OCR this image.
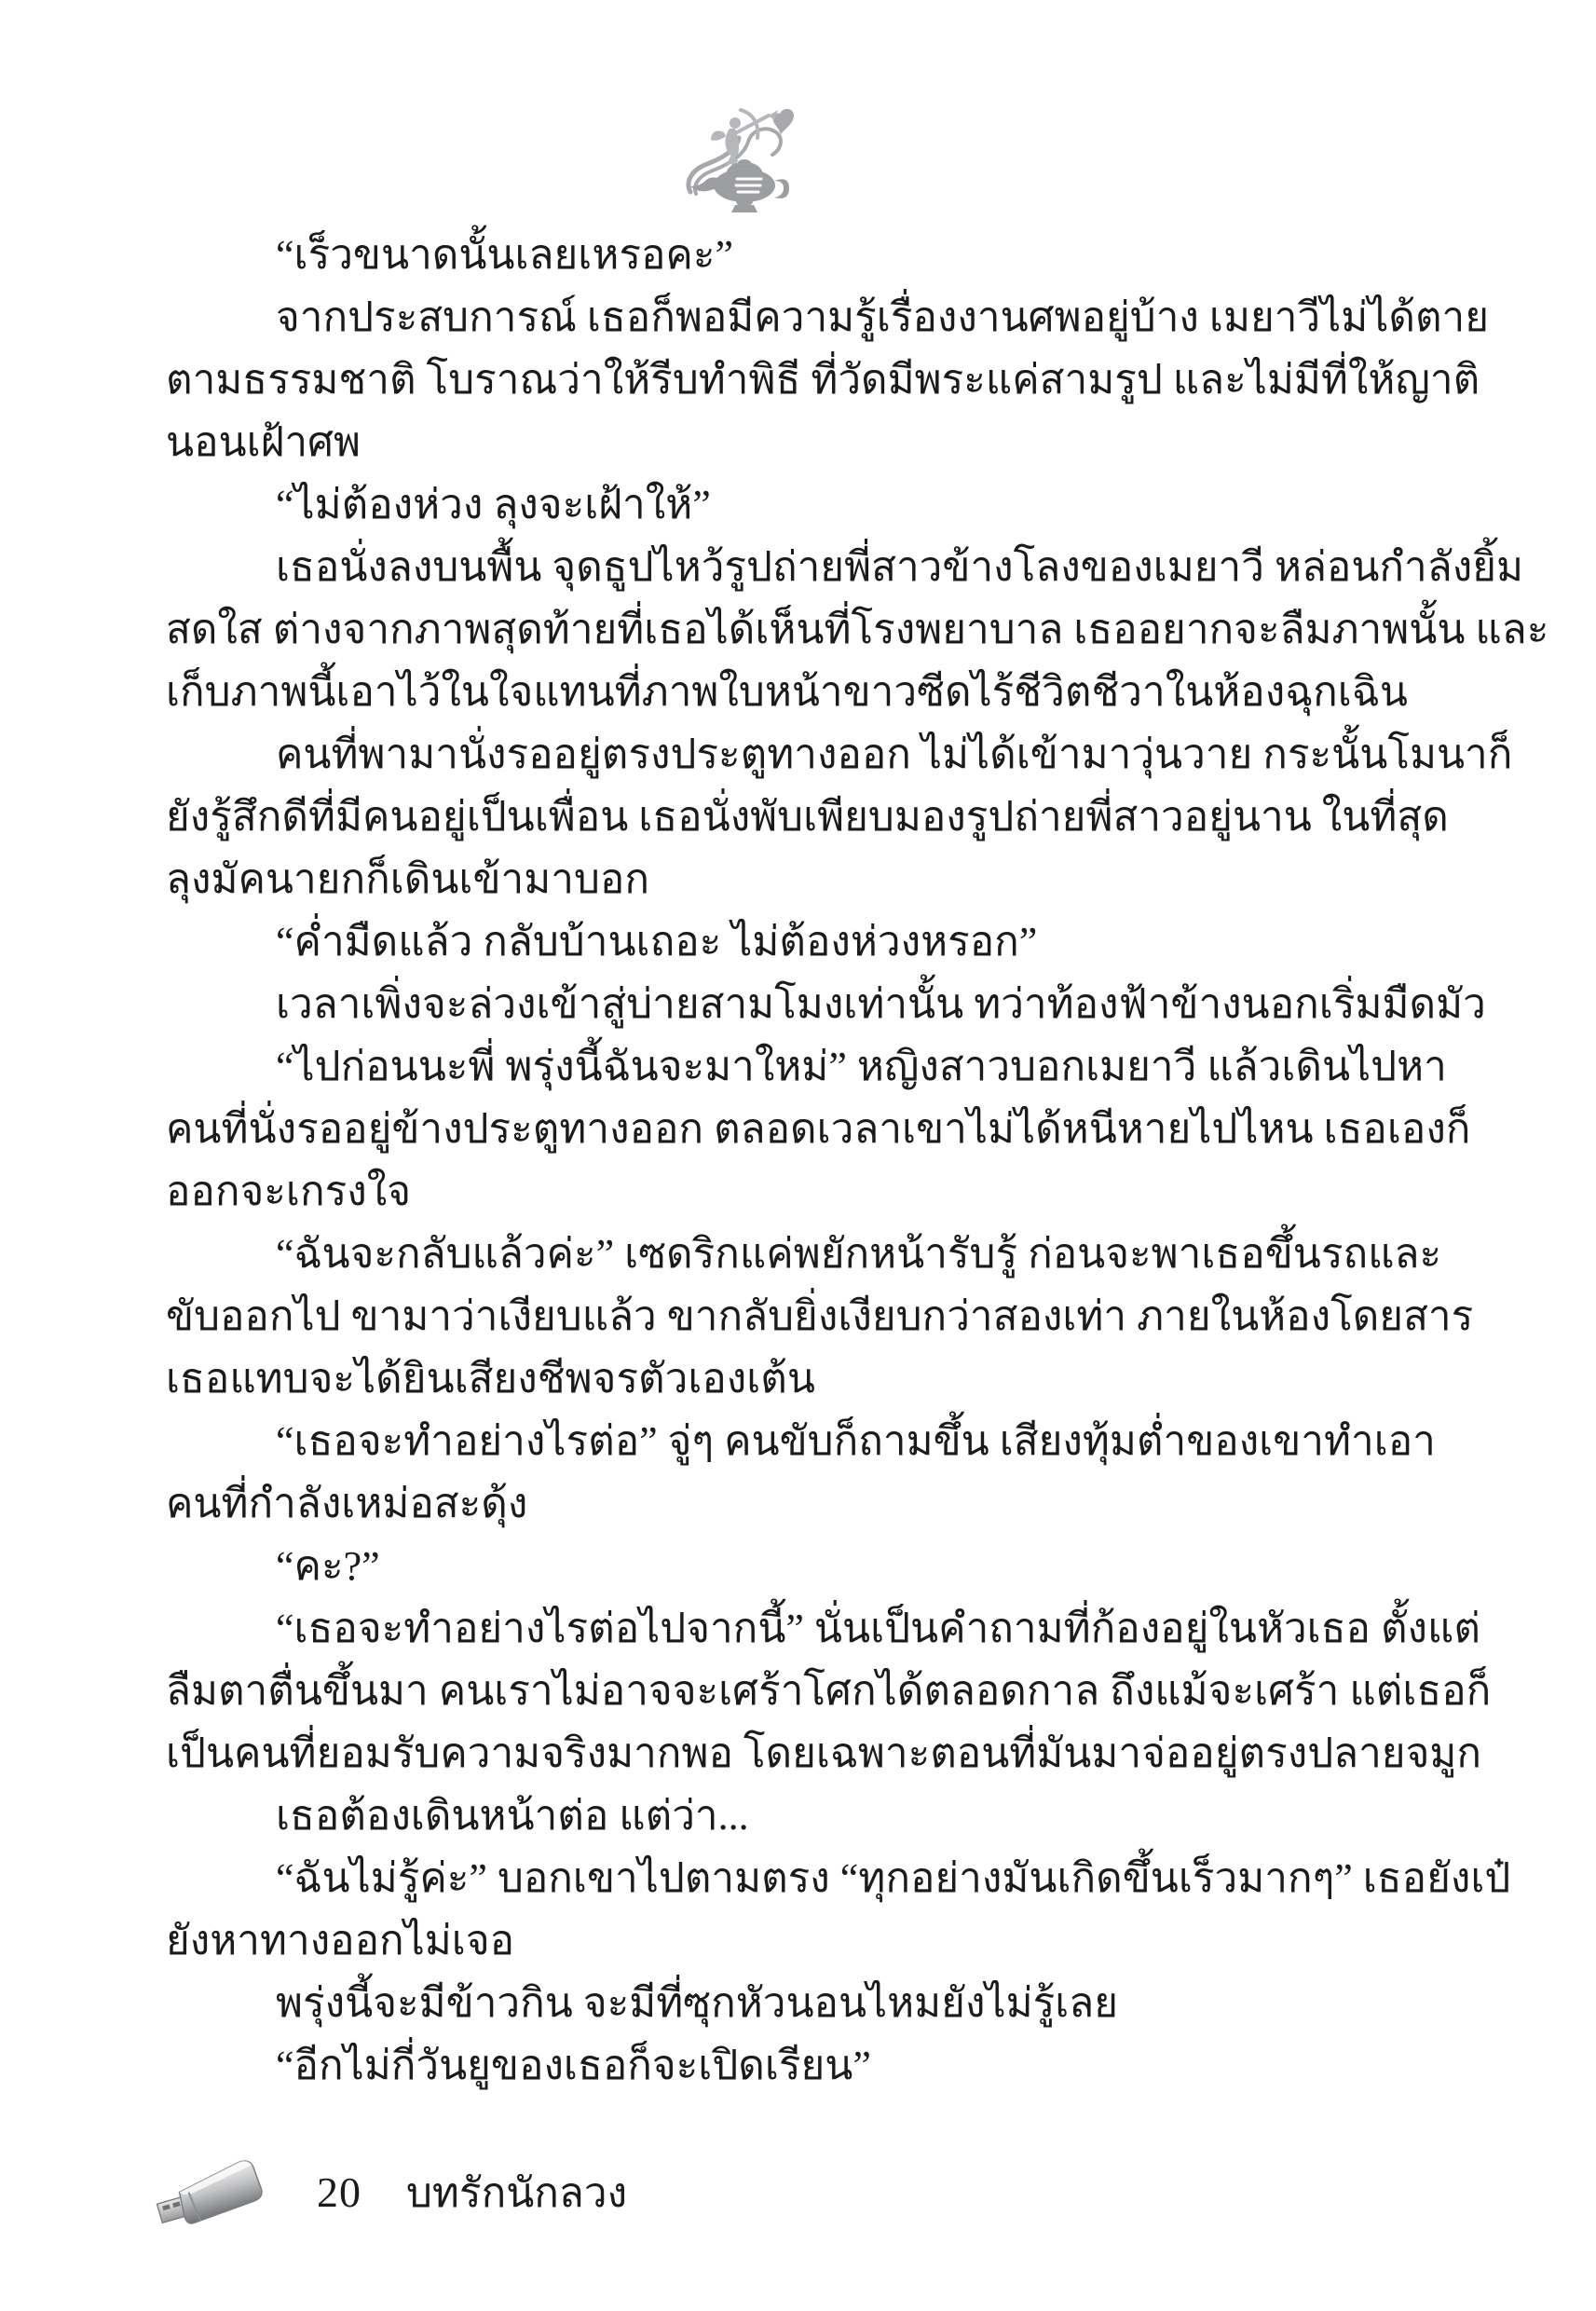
“เร็วขนาดนั้นเลยเหรอคะ”
จากประสบการณ์ เธอก็พอมีความรู้เรื่องงานศพอยู่บ้าง เมยาวีไม่ได้ตาย
ตามธรรมชาติ โบราณว่าให้รีบทำพิธี ที่วัดมีพระแค่สามรูป และไม่มีที่ให้ญาติ
นอนเฝ้าศพ
“ไม่ต้องห่วง ลุงจะเฝ้าให้”
เธอนั่งลงบนพื้น จุดธูปไหว้รูปถ่ายพี่สาวข้างโลงของเมยาวี หล่อนกำลังยิ้ม
สดใส ต่างจากภาพสุดท้ายที่เธอได้เห็นที่โรงพยาบาล เธออยากจะลืมภาพนั้น และ
เก็บภาพนี้เอาไว้ในใจแทนที่ภาพใบหน้าขาวซีดไร้ชีวิตชีวาในห้องฉุกเฉิน
คนที่พามานั่งรออยู่ตรงประตูทางออก ไม่ได้เข้ามาวุ่นวาย กระนั้นโมนาก็
ยังรู้สึกดีที่มีคนอยู่เป็นเพื่อน เธอนั่งพับเพียบมองรูปถ่ายพี่สาวอยู่นาน ในที่สุด
ลุงมัคนายกก็เดินเข้ามาบอก
“ค่ำมืดแล้ว กลับบ้านเถอะ ไม่ต้องห่วงหรอก”
เวลาเพิ่งจะล่วงเข้าสู่บ่ายสามโมงเท่านั้น ทว่าท้องฟ้าข้างนอกเริ่มมืดมัว
“ไปก่อนนะพี่ พรุ่งนี้ฉันจะมาใหม่” หญิงสาวบอกเมยาวี แล้วเดินไปหา
คนที่นั่งรออยู่ข้างประตูทางออก ตลอดเวลาเขาไม่ได้หนีหายไปไหน เธอเองก็
ออกจะเกรงใจ
“ฉันจะกลับแล้วค่ะ” เซดริกแค่พยักหน้ารับรู้ ก่อนจะพาเธอขึ้นรถและ
ขับออกไป ขามาว่าเงียบแล้ว ขากลับยิ่งเงียบกว่าสองเท่า ภายในห้องโดยสาร
เธอแทบจะได้ยินเสียงชีพจรตัวเองเต้น
“เธอจะทำอย่างไรต่อ” จู่ๆ คนขับก็ถามขึ้น เสียงทุ้มต่ำของเขาทำเอา
คนที่กำลังเหม่อสะดุ้ง
“คะ?”
“เธอจะทำอย่างไรต่อไปจากนี้” นั่นเป็นคำถามที่ก้องอยู่ในหัวเธอ ตั้งแต่
ลืมตาตื่นขึ้นมา คนเราไม่อาจจะเศร้าโศกได้ตลอดกาล ถึงแม้จะเศร้า แต่เธอก็
เป็นคนที่ยอมรับความจริงมากพอ โดยเฉพาะตอนที่มันมาจ่ออยู่ตรงปลายจมูก
เธอต้องเดินหน้าต่อ แต่ว่า...
“ฉันไม่รู้ค่ะ” บอกเขาไปตามตรง “ทุกอย่างมันเกิดขึ้นเร็วมากๆ” เธอยังเป๋
ยังหาทางออกไม่เจอ
พรุ่งนี้จะมีข้าวกิน จะมีที่ซุกหัวนอนไหมยังไม่รู้เลย
“อีกไม่กี่วันยูของเธอก็จะเปิดเรียน”
20 บทรักนักลวง
